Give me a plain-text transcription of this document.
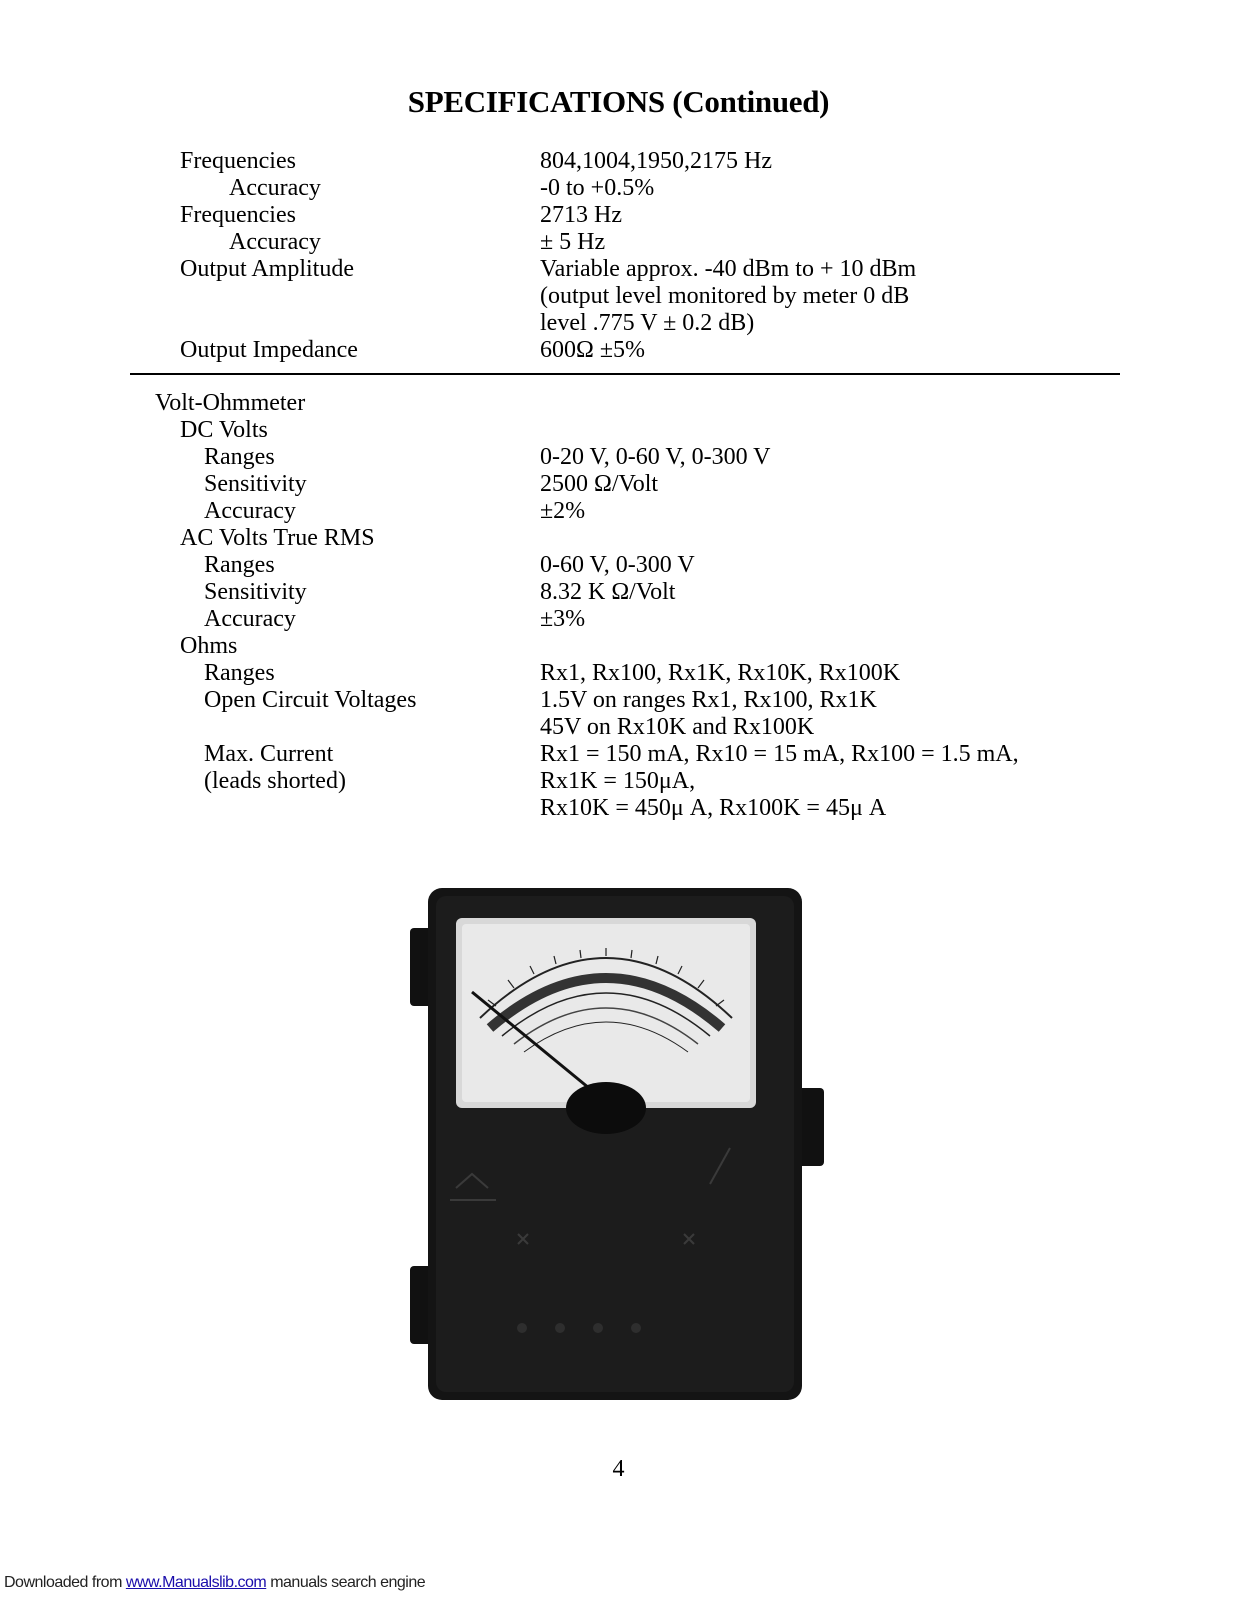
SPECIFICATIONS (Continued)
Frequencies	804,1004,1950,2175 Hz
Accuracy	-0 to +0.5%
Frequencies	2713 Hz
Accuracy	± 5 Hz
Output Amplitude	Variable approx. -40 dBm to + 10 dBm
(output level monitored by meter 0 dB
level .775 V ± 0.2 dB)
Output Impedance	600Ω ±5%
Volt-Ohmmeter
DC Volts
Ranges	0-20 V, 0-60 V, 0-300 V
Sensitivity	2500 Ω/Volt
Accuracy	±2%
AC Volts True RMS
Ranges	0-60 V, 0-300 V
Sensitivity	8.32 K Ω/Volt
Accuracy	±3%
Ohms
Ranges	Rx1, Rx100, Rx1K, Rx10K, Rx100K
Open Circuit Voltages	1.5V on ranges Rx1, Rx100, Rx1K
45V on Rx10K and Rx100K
Max. Current	Rx1 = 150 mA, Rx10 = 15 mA, Rx100 = 1.5 mA,
(leads shorted)	Rx1K = 150μA,
Rx10K = 450μ A, Rx100K = 45μ A
4
Downloaded from www.Manualslib.com manuals search engine
